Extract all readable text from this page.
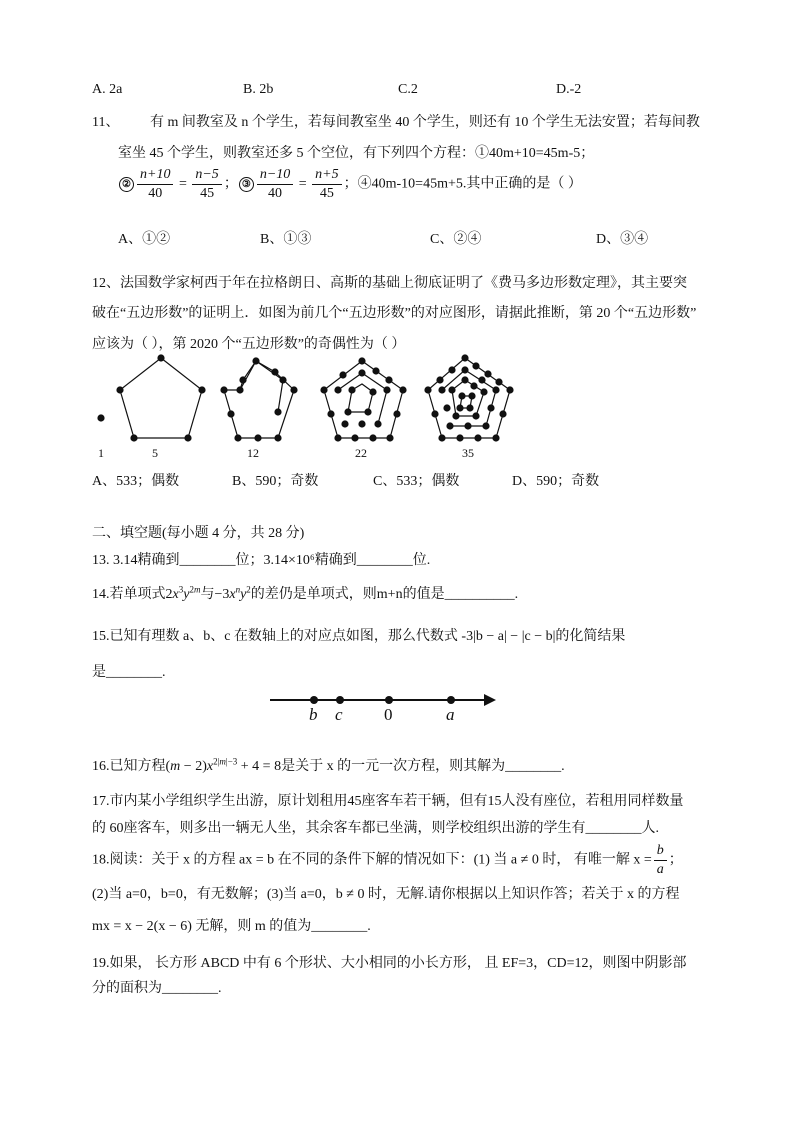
A. 2a	B. 2b	C.2	D.-2
11、 有 m 间教室及 n 个学生，若每间教室坐 40 个学生，则还有 10 个学生无法安置；若每间教
室坐 45 个学生，则教室还多 5 个空位，有下列四个方程：①40m+10=45m-5；
② $\frac{n+10}{40} = \frac{n-5}{45}$ ； ③ $\frac{n-10}{40} = \frac{n+5}{45}$ ；④40m-10=45m+5.其中正确的是（ ）
A、①②	B、①③	C、②④	D、③④
12、法国数学家柯西于年在拉格朗日、高斯的基础上彻底证明了《费马多边形数定理》，其主要突
破在“五边形数”的证明上．如图为前几个“五边形数”的对应图形，请据此推断，第 20 个“五边形数”
应该为（ ），第 2020 个“五边形数”的奇偶性为（ ）
1	5	12	22	35
A、533；偶数	B、590；奇数	C、533；偶数	D、590；奇数
二、填空题(每小题 4 分，共 28 分)
13. 3.14精确到________位；3.14×10⁶精确到________位.
14.若单项式$2x^3y^{2m}$与$-3x^ny^2$的差仍是单项式，则m+n的值是__________.
15.已知有理数 a、b、c 在数轴上的对应点如图，那么代数式 -3|b − a| − |c − b|的化简结果
是________.
b c 0	a
16.已知方程$(m - 2)x^{2|m|-3} + 4 = 8$是关于 x 的一元一次方程，则其解为________.
17.市内某小学组织学生出游，原计划租用45座客车若干辆，但有15人没有座位，若租用同样数量
的 60座客车，则多出一辆无人坐，其余客车都已坐满，则学校组织出游的学生有________人.
18.阅读：关于 x 的方程 ax = b 在不同的条件下解的情况如下：(1) 当 a ≠ 0 时， 有唯一解 $x = \frac{b}{a}$ ；
(2)当 a=0，b=0，有无数解；(3)当 a=0，b ≠ 0 时，无解.请你根据以上知识作答；若关于 x 的方程
mx = x − 2(x − 6) 无解，则 m 的值为________.
19.如果， 长方形 ABCD 中有 6 个形状、大小相同的小长方形， 且 EF=3，CD=12，则图中阴影部
分的面积为________.
